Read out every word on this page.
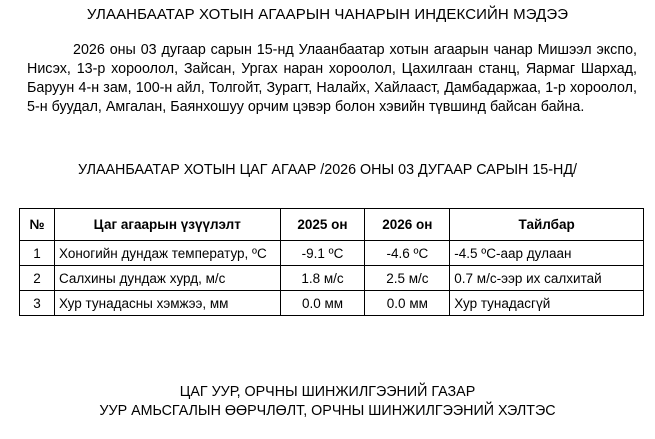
УЛААНБААТАР ХОТЫН АГААРЫН ЧАНАРЫН ИНДЕКСИЙН МЭДЭЭ
2026 оны 03 дугаар сарын 15-нд Улаанбаатар хотын агаарын чанар Мишээл экспо, Нисэх, 13-р хороолол, Зайсан, Ургах наран хороолол, Цахилгаан станц, Яармаг Шархад, Баруун 4-н зам, 100-н айл, Толгойт, Зурагт, Налайх, Хайлааст, Дамбадаржаа, 1-р хороолол, 5-н буудал, Амгалан, Баянхошуу орчим цэвэр болон хэвийн түвшинд байсан байна.
УЛААНБААТАР ХОТЫН ЦАГ АГААР /2026 ОНЫ 03 ДУГААР САРЫН 15-НД/
№	Цаг агаарын үзүүлэлт	2025 он	2026 он	Тайлбар
1	Хоногийн дундаж температур, ºС	-9.1 ºС	-4.6 ºС	-4.5 ºС-аар дулаан
2	Салхины дундаж хурд, м/с	1.8 м/с	2.5 м/с	0.7 м/с-ээр их салхитай
3	Хур тунадасны хэмжээ, мм	0.0 мм	0.0 мм	Хур тунадасгүй
ЦАГ УУР, ОРЧНЫ ШИНЖИЛГЭЭНИЙ ГАЗАР
УУР АМЬСГАЛЫН ӨӨРЧЛӨЛТ, ОРЧНЫ ШИНЖИЛГЭЭНИЙ ХЭЛТЭС
